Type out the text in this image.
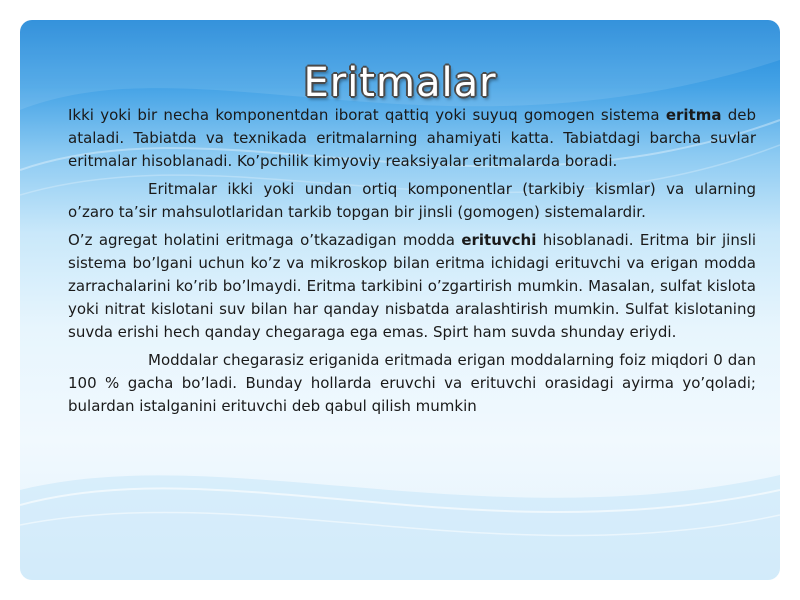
Eritmalar

Ikki yoki bir necha komponentdan iborat qattiq yoki suyuq gomogen sistema eritma deb ataladi. Tabiatda va texnikada eritmalarning ahamiyati katta. Tabiatdagi barcha suvlar eritmalar hisoblanadi. Ko’pchilik kimyoviy reaksiyalar eritmalarda boradi.

Eritmalar ikki yoki undan ortiq komponentlar (tarkibiy kismlar) va ularning o’zaro ta’sir mahsulotlaridan tarkib topgan bir jinsli (gomogen) sistemalardir.

O’z agregat holatini eritmaga o’tkazadigan modda erituvchi hisoblanadi. Eritma bir jinsli sistema bo’lgani uchun ko’z va mikroskop bilan eritma ichidagi erituvchi va erigan modda zarrachalarini ko’rib bo’lmaydi. Eritma tarkibini o’zgartirish mumkin. Masalan, sulfat kislota yoki nitrat kislotani suv bilan har qanday nisbatda aralashtirish mumkin. Sulfat kislotaning suvda erishi hech qanday chegaraga ega emas. Spirt ham suvda shunday eriydi.

Moddalar chegarasiz eriganida eritmada erigan moddalarning foiz miqdori 0 dan 100 % gacha bo’ladi. Bunday hollarda eruvchi va erituvchi orasidagi ayirma yo’qoladi; bulardan istalganini erituvchi deb qabul qilish mumkin
